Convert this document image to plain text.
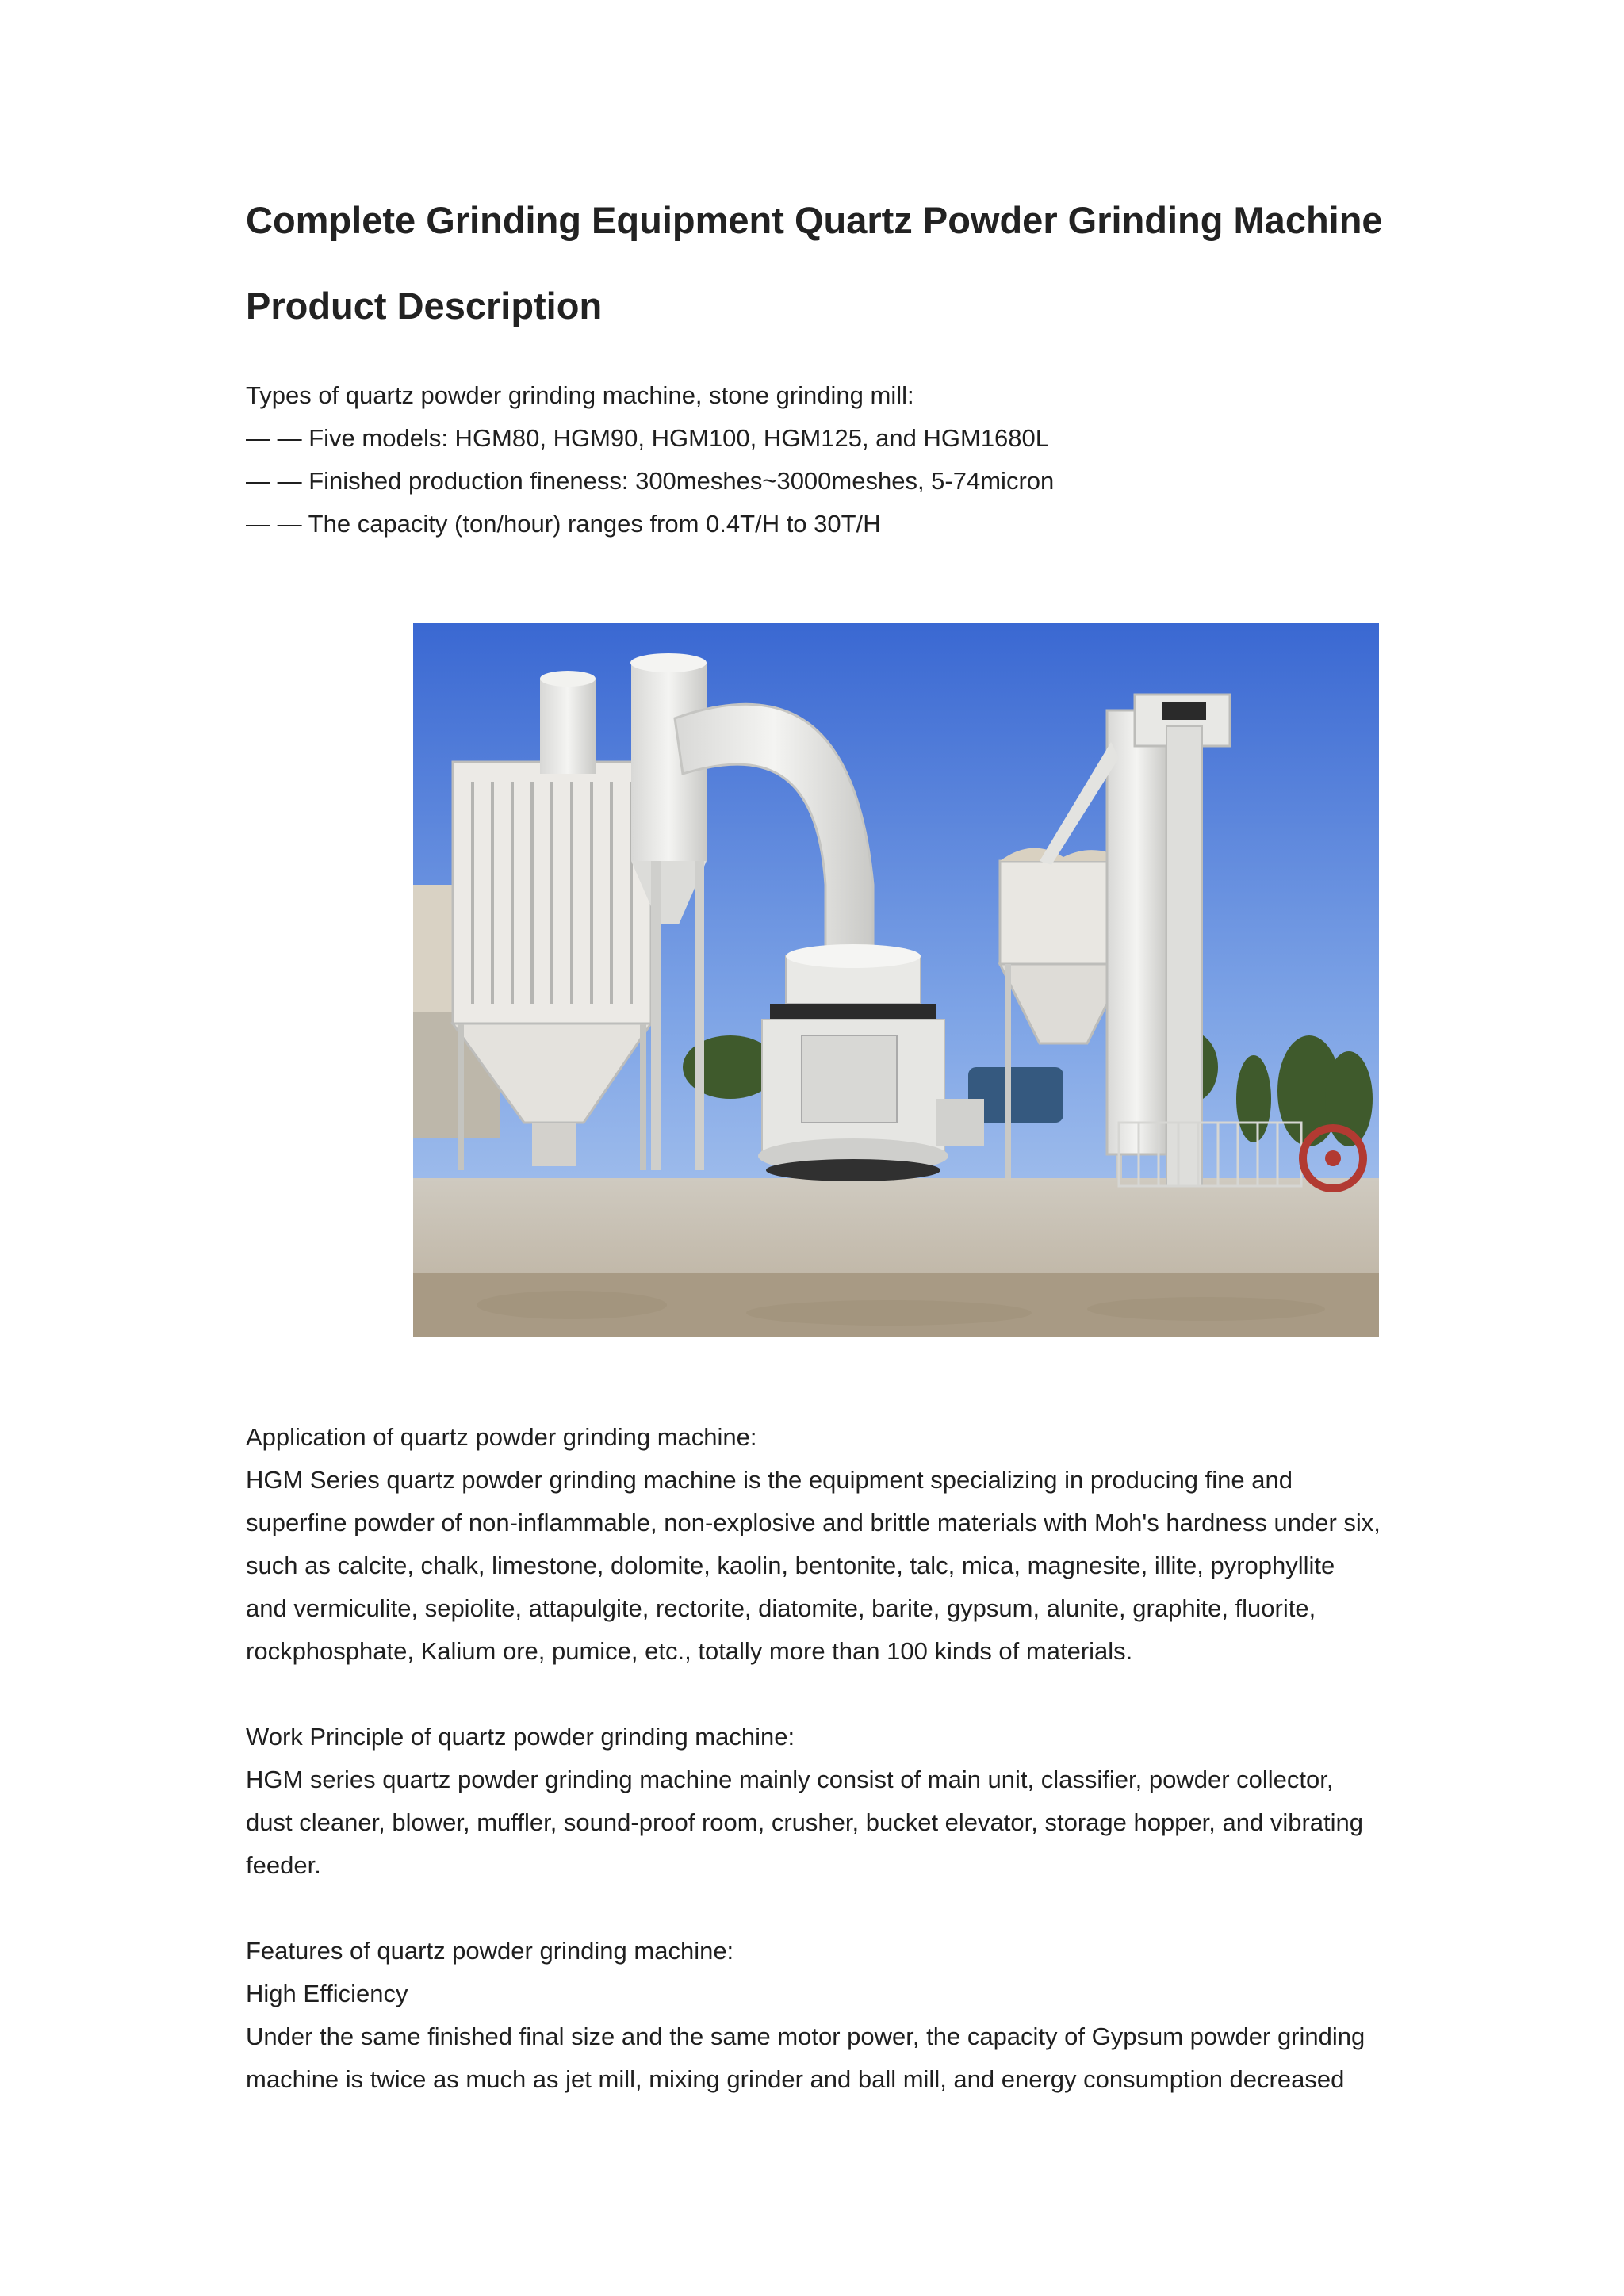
Complete Grinding Equipment Quartz Powder Grinding Machine
Product Description

Types of quartz powder grinding machine, stone grinding mill:

— — Five models: HGM80, HGM90, HGM100, HGM125, and HGM1680L

— — Finished production fineness: 300meshes~3000meshes, 5-74micron

— — The capacity (ton/hour) ranges from 0.4T/H to 30T/H

Application of quartz powder grinding machine:

HGM Series quartz powder grinding machine is the equipment specializing in producing fine and superfine powder of non-inflammable, non-explosive and brittle materials with Moh's hardness under six, such as calcite, chalk, limestone, dolomite, kaolin, bentonite, talc, mica, magnesite, illite, pyrophyllite and vermiculite, sepiolite, attapulgite, rectorite, diatomite, barite, gypsum, alunite, graphite, fluorite, rockphosphate, Kalium ore, pumice, etc., totally more than 100 kinds of materials.

Work Principle of quartz powder grinding machine:

HGM series quartz powder grinding machine mainly consist of main unit, classifier, powder collector, dust cleaner, blower, muffler, sound-proof room, crusher, bucket elevator, storage hopper, and vibrating feeder.

Features of quartz powder grinding machine:

High Efficiency

Under the same finished final size and the same motor power, the capacity of Gypsum powder grinding machine is twice as much as jet mill, mixing grinder and ball mill, and energy consumption decreased
